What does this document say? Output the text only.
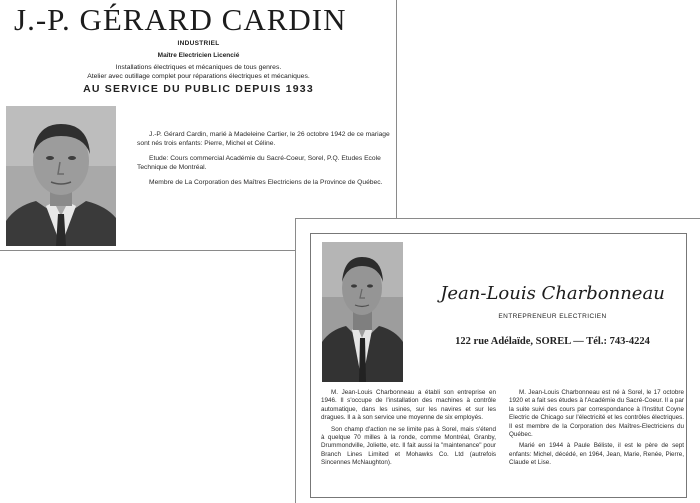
J.-P. GÉRARD CARDIN
INDUSTRIEL
Maître Electricien Licencié
Installations électriques et mécaniques de tous genres.
Atelier avec outillage complet pour réparations électriques et mécaniques.
AU SERVICE DU PUBLIC DEPUIS 1933

J.-P. Gérard Cardin, marié à Madeleine Cartier, le 26 octobre 1942 de ce mariage sont nés trois enfants: Pierre, Michel et Céline.

Etude: Cours commercial Académie du Sacré-Coeur, Sorel, P.Q. Etudes Ecole Technique de Montréal.

Membre de La Corporation des Maîtres Electriciens de la Province de Québec.

Jean-Louis Charbonneau
ENTREPRENEUR ELECTRICIEN
122 rue Adélaïde, SOREL — Tél.: 743-4224

M. Jean-Louis Charbonneau a établi son entreprise en 1946. Il s'occupe de l'installation des machines à contrôle automatique, dans les usines, sur les navires et sur les dragues. Il a à son service une moyenne de six employés.

Son champ d'action ne se limite pas à Sorel, mais s'étend à quelque 70 milles à la ronde, comme Montréal, Granby, Drummondville, Joliette, etc. Il fait aussi la "maintenance" pour Branch Lines Limited et Mohawks Co. Ltd (autrefois Sincennes McNaughton).

M. Jean-Louis Charbonneau est né à Sorel, le 17 octobre 1920 et a fait ses études à l'Académie du Sacré-Coeur. Il a par la suite suivi des cours par correspondance à l'Institut Coyne Electric de Chicago sur l'électricité et les contrôles électriques. Il est membre de la Corporation des Maîtres-Electriciens du Québec.

Marié en 1944 à Paule Béliste, il est le père de sept enfants: Michel, décédé, en 1964, Jean, Marie, Renée, Pierre, Claude et Lise.
